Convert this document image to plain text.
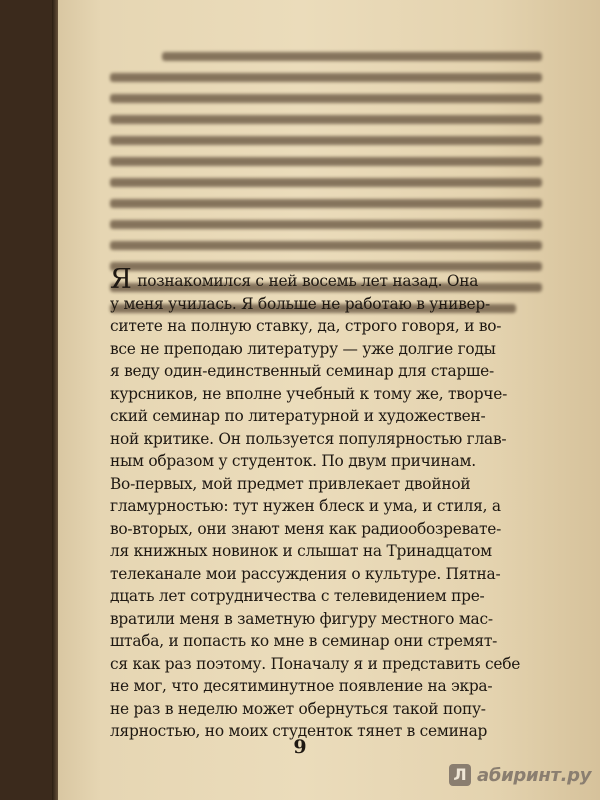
Я познакомился с ней восемь лет назад. Она
у меня училась. Я больше не работаю в универ-
ситете на полную ставку, да, строго говоря, и во-
все не преподаю литературу — уже долгие годы
я веду один-единственный семинар для старше-
курсников, не вполне учебный к тому же, творче-
ский семинар по литературной и художествен-
ной критике. Он пользуется популярностью глав-
ным образом у студенток. По двум причинам.
Во-первых, мой предмет привлекает двойной
гламурностью: тут нужен блеск и ума, и стиля, а
во-вторых, они знают меня как радиообозревате-
ля книжных новинок и слышат на Тринадцатом
телеканале мои рассуждения о культуре. Пятна-
дцать лет сотрудничества с телевидением пре-
вратили меня в заметную фигуру местного мас-
штаба, и попасть ко мне в семинар они стремят-
ся как раз поэтому. Поначалу я и представить себе
не мог, что десятиминутное появление на экра-
не раз в неделю может обернуться такой попу-
лярностью, но моих студенток тянет в семинар
9
Л абиринт.ру
